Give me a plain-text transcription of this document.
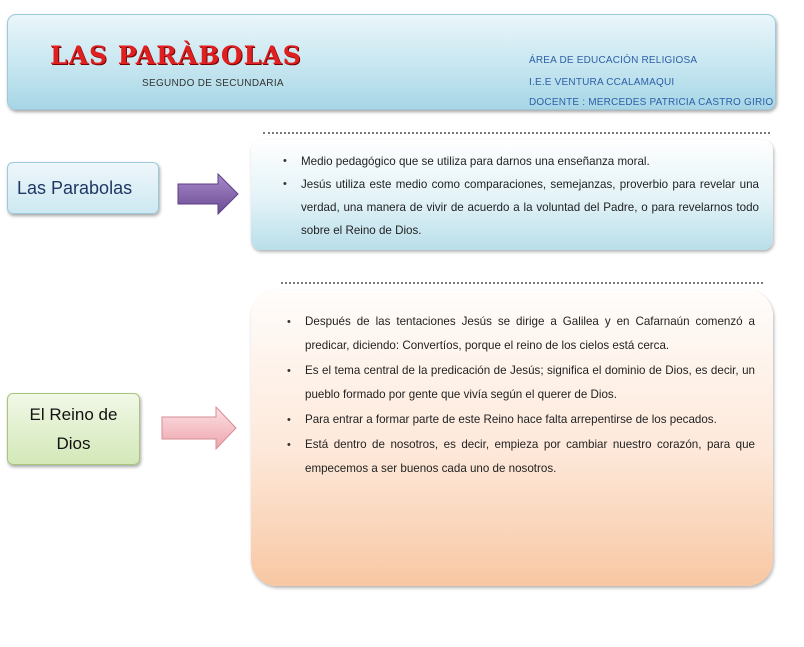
LAS PARÀBOLAS
SEGUNDO DE SECUNDARIA
ÁREA DE EDUCACIÓN RELIGIOSA
I.E.E VENTURA CCALAMAQUI
DOCENTE : MERCEDES PATRICIA CASTRO GIRIO
Las Parabolas
• Medio pedagógico que se utiliza para darnos una enseñanza moral.
• Jesús utiliza este medio como comparaciones, semejanzas, proverbio para revelar una verdad, una manera de vivir de acuerdo a la voluntad del Padre, o para revelarnos todo sobre el Reino de Dios.
El Reino de Dios
• Después de las tentaciones Jesús se dirige a Galilea y en Cafarnaún comenzó a predicar, diciendo: Convertíos, porque el reino de los cielos está cerca.
• Es el tema central de la predicación de Jesús; significa el dominio de Dios, es decir, un pueblo formado por gente que vivía según el querer de Dios.
• Para entrar a formar parte de este Reino hace falta arrepentirse de los pecados.
• Está dentro de nosotros, es decir, empieza por cambiar nuestro corazón, para que empecemos a ser buenos cada uno de nosotros.
